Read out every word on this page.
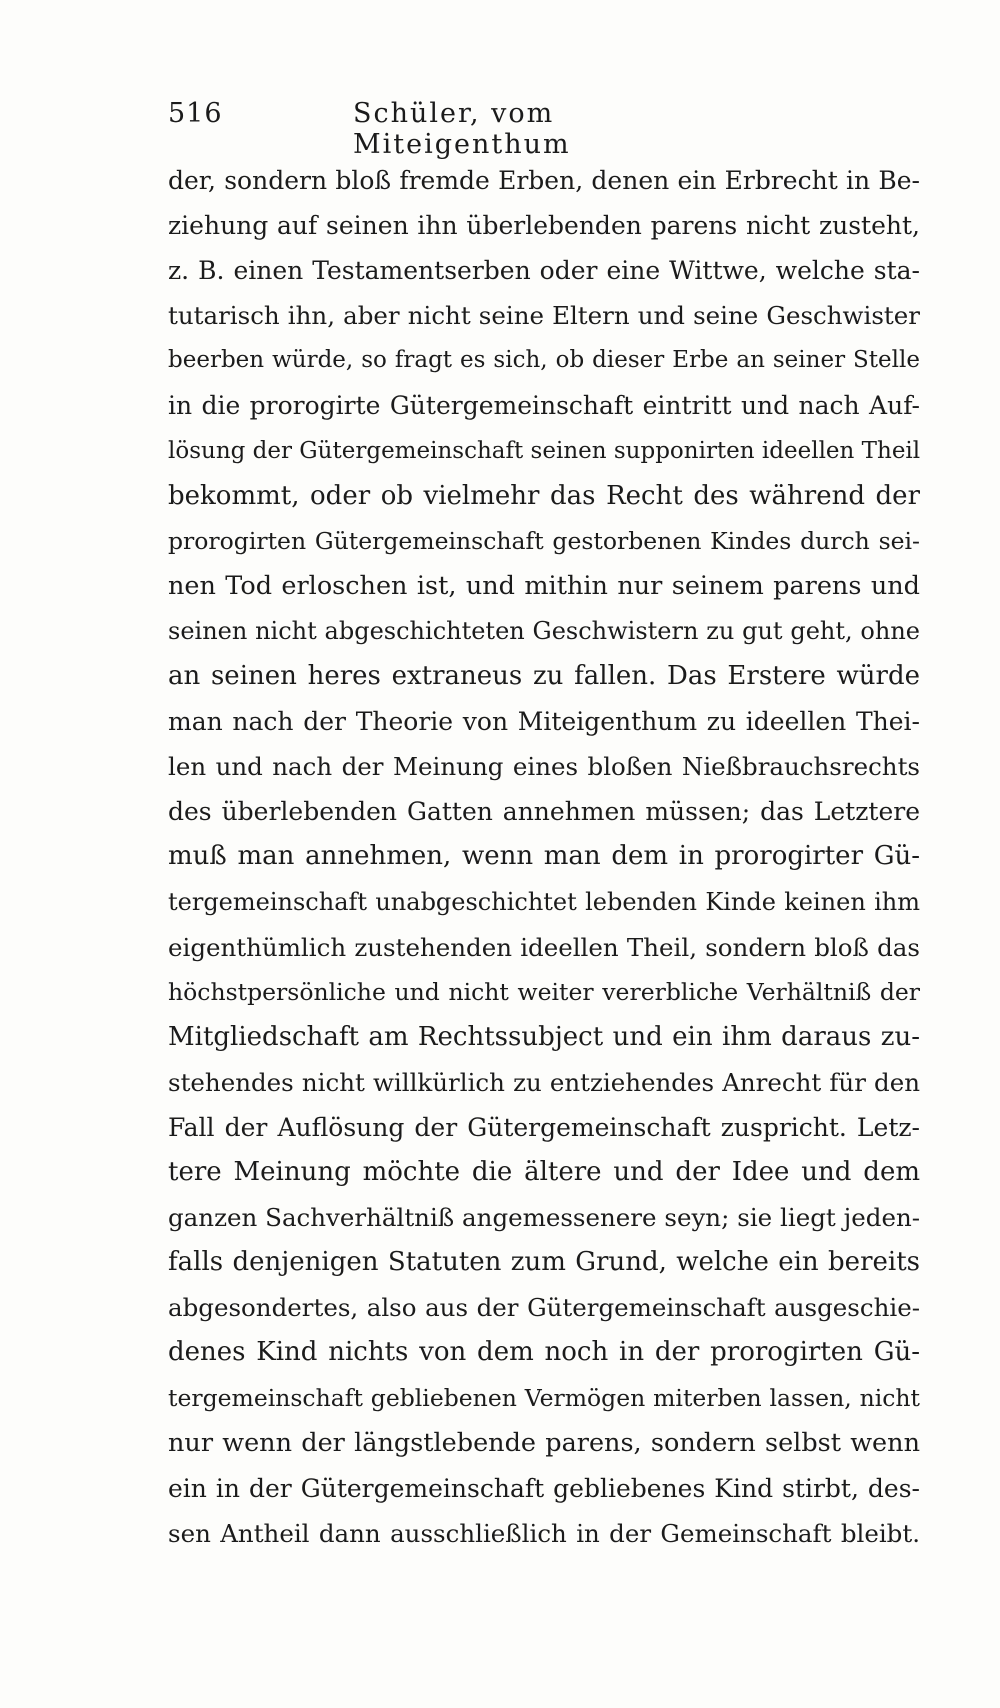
516	Schüler, vom Miteigenthum
der, sondern bloß fremde Erben, denen ein Erbrecht in Be-
ziehung auf seinen ihn überlebenden parens nicht zusteht,
z. B. einen Testamentserben oder eine Wittwe, welche sta-
tutarisch ihn, aber nicht seine Eltern und seine Geschwister
beerben würde, so fragt es sich, ob dieser Erbe an seiner Stelle
in die prorogirte Gütergemeinschaft eintritt und nach Auf-
lösung der Gütergemeinschaft seinen supponirten ideellen Theil
bekommt, oder ob vielmehr das Recht des während der
prorogirten Gütergemeinschaft gestorbenen Kindes durch sei-
nen Tod erloschen ist, und mithin nur seinem parens und
seinen nicht abgeschichteten Geschwistern zu gut geht, ohne
an seinen heres extraneus zu fallen. Das Erstere würde
man nach der Theorie von Miteigenthum zu ideellen Thei-
len und nach der Meinung eines bloßen Nießbrauchsrechts
des überlebenden Gatten annehmen müssen; das Letztere
muß man annehmen, wenn man dem in prorogirter Gü-
tergemeinschaft unabgeschichtet lebenden Kinde keinen ihm
eigenthümlich zustehenden ideellen Theil, sondern bloß das
höchstpersönliche und nicht weiter vererbliche Verhältniß der
Mitgliedschaft am Rechtssubject und ein ihm daraus zu-
stehendes nicht willkürlich zu entziehendes Anrecht für den
Fall der Auflösung der Gütergemeinschaft zuspricht. Letz-
tere Meinung möchte die ältere und der Idee und dem
ganzen Sachverhältniß angemessenere seyn; sie liegt jeden-
falls denjenigen Statuten zum Grund, welche ein bereits
abgesondertes, also aus der Gütergemeinschaft ausgeschie-
denes Kind nichts von dem noch in der prorogirten Gü-
tergemeinschaft gebliebenen Vermögen miterben lassen, nicht
nur wenn der längstlebende parens, sondern selbst wenn
ein in der Gütergemeinschaft gebliebenes Kind stirbt, des-
sen Antheil dann ausschließlich in der Gemeinschaft bleibt.
